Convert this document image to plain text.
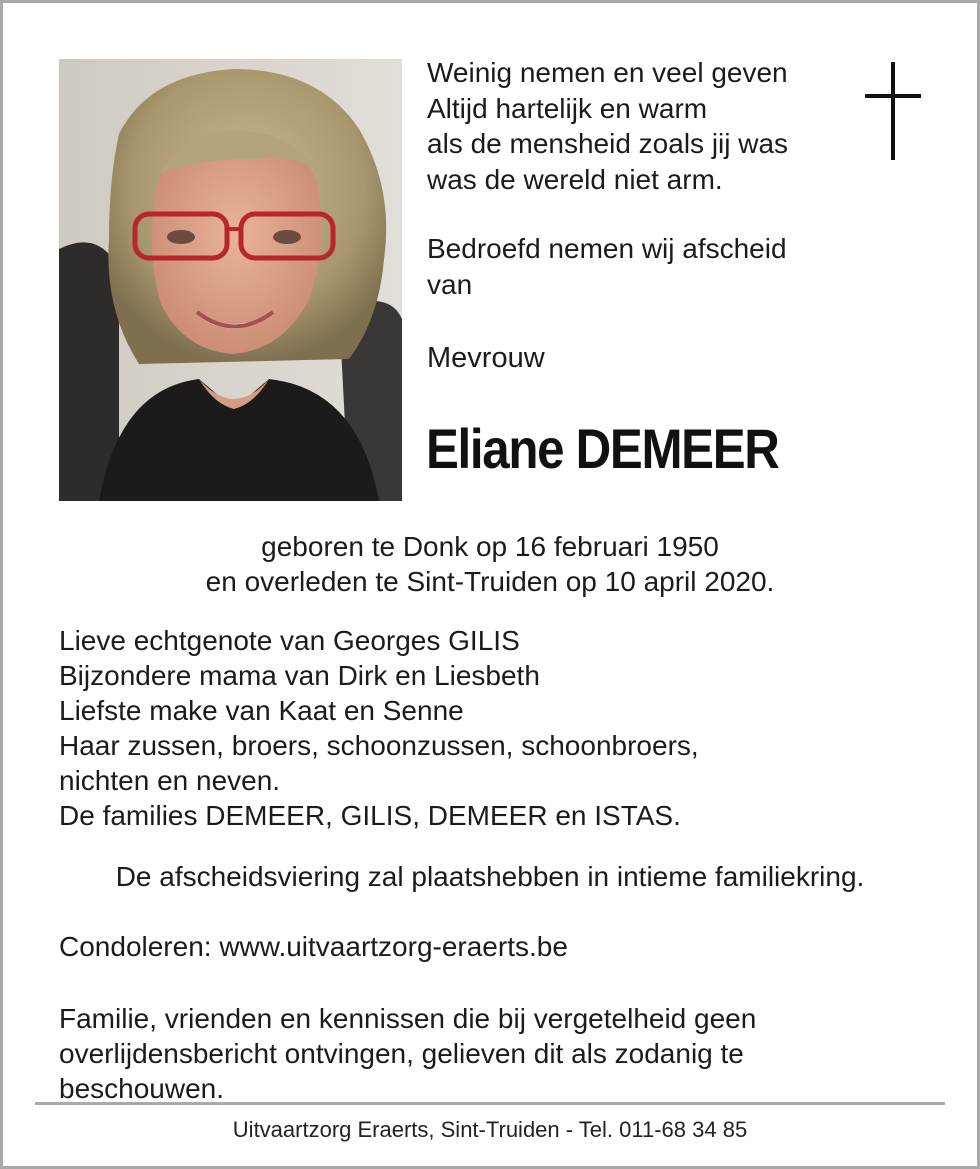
Weinig nemen en veel geven
Altijd hartelijk en warm
als de mensheid zoals jij was
was de wereld niet arm.
Bedroefd nemen wij afscheid
van
Mevrouw
Eliane DEMEER
geboren te Donk op 16 februari 1950
en overleden te Sint-Truiden op 10 april 2020.
Lieve echtgenote van Georges GILIS
Bijzondere mama van Dirk en Liesbeth
Liefste make van Kaat en Senne
Haar zussen, broers, schoonzussen, schoonbroers,
nichten en neven.
De families DEMEER, GILIS, DEMEER en ISTAS.
De afscheidsviering zal plaatshebben in intieme familiekring.
Condoleren: www.uitvaartzorg-eraerts.be
Familie, vrienden en kennissen die bij vergetelheid geen
overlijdensbericht ontvingen, gelieven dit als zodanig te
beschouwen.
Uitvaartzorg Eraerts, Sint-Truiden - Tel. 011-68 34 85
